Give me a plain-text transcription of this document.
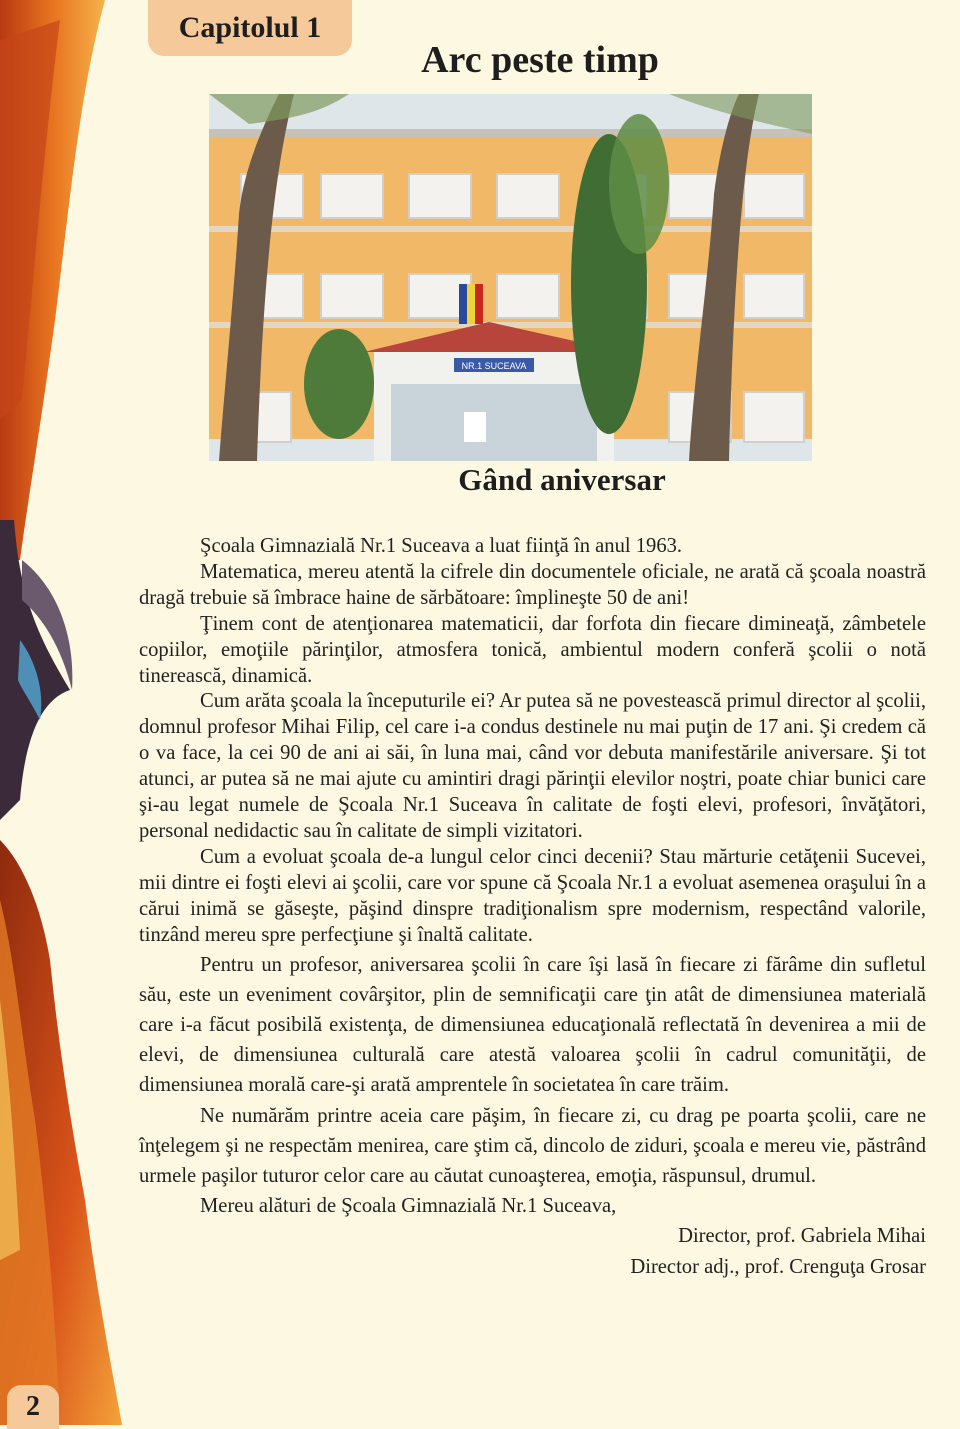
Capitolul 1
Arc peste timp
NR.1 SUCEAVA
Gând aniversar

Şcoala Gimnazială Nr.1 Suceava a luat fiinţă în anul 1963.

Matematica, mereu atentă la cifrele din documentele oficiale, ne arată că şcoala noastră dragă trebuie să îmbrace haine de sărbătoare: împlineşte 50 de ani!

Ţinem cont de atenţionarea matematicii, dar forfota din fiecare dimineaţă, zâmbetele copiilor, emoţiile părinţilor, atmosfera tonică, ambientul modern conferă şcolii o notă tinerească, dinamică.

Cum arăta şcoala la începuturile ei? Ar putea să ne povestească primul director al şcolii, domnul profesor Mihai Filip, cel care i-a condus destinele nu mai puţin de 17 ani. Şi credem că o va face, la cei 90 de ani ai săi, în luna mai, când vor debuta manifestările aniversare. Şi tot atunci, ar putea să ne mai ajute cu amintiri dragi părinţii elevilor noştri, poate chiar bunici care şi-au legat numele de Şcoala Nr.1 Suceava în calitate de foşti elevi, profesori, învăţători, personal nedidactic sau în calitate de simpli vizitatori.

Cum a evoluat şcoala de-a lungul celor cinci decenii? Stau mărturie cetăţenii Sucevei, mii dintre ei foşti elevi ai şcolii, care vor spune că Şcoala Nr.1 a evoluat asemenea oraşului în a cărui inimă se găseşte, păşind dinspre tradiţionalism spre modernism, respectând valorile, tinzând mereu spre perfecţiune şi înaltă calitate.

Pentru un profesor, aniversarea şcolii în care îşi lasă în fiecare zi fărâme din sufletul său, este un eveniment covârşitor, plin de semnificaţii care ţin atât de dimensiunea materială care i-a făcut posibilă existenţa, de dimensiunea educaţională reflectată în devenirea a mii de elevi, de dimensiunea culturală care atestă valoarea şcolii în cadrul comunităţii, de dimensiunea morală care-şi arată amprentele în societatea în care trăim.

Ne numărăm printre aceia care păşim, în fiecare zi, cu drag pe poarta şcolii, care ne înţelegem şi ne respectăm menirea, care ştim că, dincolo de ziduri, şcoala e mereu vie, păstrând urmele paşilor tuturor celor care au căutat cunoaşterea, emoţia, răspunsul, drumul.

Mereu alături de Şcoala Gimnazială Nr.1 Suceava,

Director, prof. Gabriela Mihai

Director adj., prof. Crenguţa Grosar

2
